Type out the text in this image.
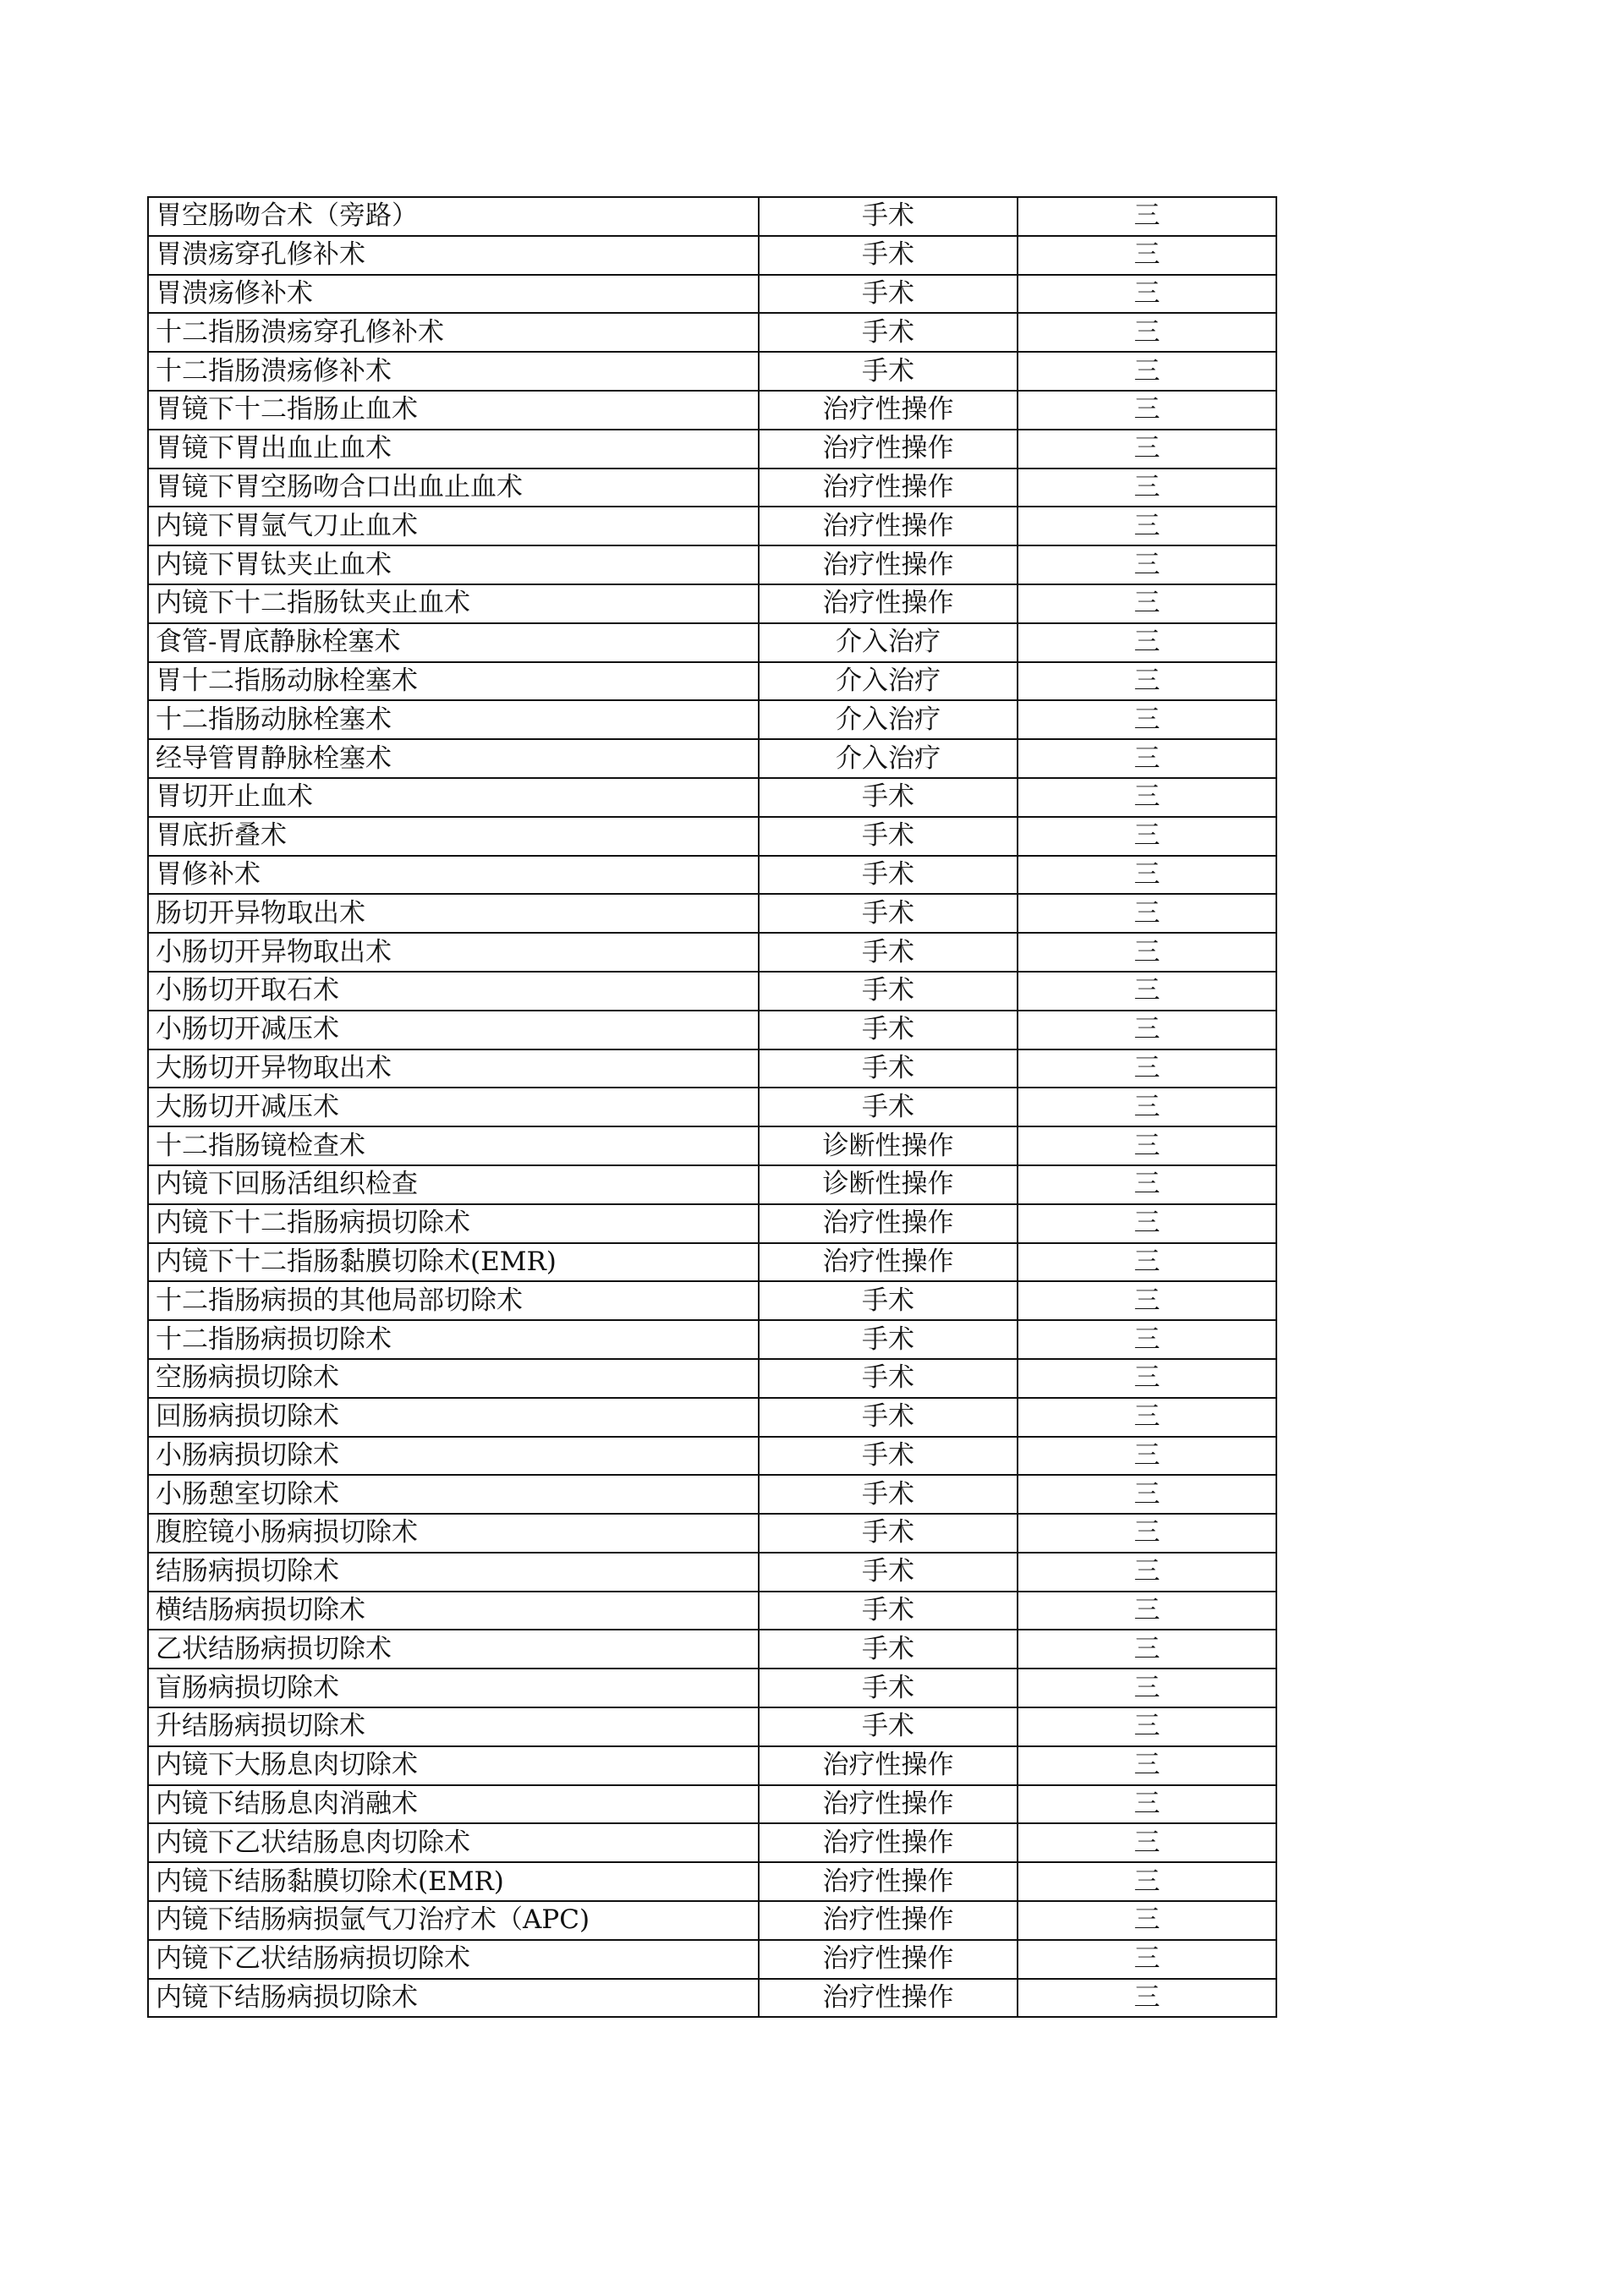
胃空肠吻合术（旁路）	手术	三
胃溃疡穿孔修补术	手术	三
胃溃疡修补术	手术	三
十二指肠溃疡穿孔修补术	手术	三
十二指肠溃疡修补术	手术	三
胃镜下十二指肠止血术	治疗性操作	三
胃镜下胃出血止血术	治疗性操作	三
胃镜下胃空肠吻合口出血止血术	治疗性操作	三
内镜下胃氩气刀止血术	治疗性操作	三
内镜下胃钛夹止血术	治疗性操作	三
内镜下十二指肠钛夹止血术	治疗性操作	三
食管-胃底静脉栓塞术	介入治疗	三
胃十二指肠动脉栓塞术	介入治疗	三
十二指肠动脉栓塞术	介入治疗	三
经导管胃静脉栓塞术	介入治疗	三
胃切开止血术	手术	三
胃底折叠术	手术	三
胃修补术	手术	三
肠切开异物取出术	手术	三
小肠切开异物取出术	手术	三
小肠切开取石术	手术	三
小肠切开减压术	手术	三
大肠切开异物取出术	手术	三
大肠切开减压术	手术	三
十二指肠镜检查术	诊断性操作	三
内镜下回肠活组织检查	诊断性操作	三
内镜下十二指肠病损切除术	治疗性操作	三
内镜下十二指肠黏膜切除术(EMR)	治疗性操作	三
十二指肠病损的其他局部切除术	手术	三
十二指肠病损切除术	手术	三
空肠病损切除术	手术	三
回肠病损切除术	手术	三
小肠病损切除术	手术	三
小肠憩室切除术	手术	三
腹腔镜小肠病损切除术	手术	三
结肠病损切除术	手术	三
横结肠病损切除术	手术	三
乙状结肠病损切除术	手术	三
盲肠病损切除术	手术	三
升结肠病损切除术	手术	三
内镜下大肠息肉切除术	治疗性操作	三
内镜下结肠息肉消融术	治疗性操作	三
内镜下乙状结肠息肉切除术	治疗性操作	三
内镜下结肠黏膜切除术(EMR)	治疗性操作	三
内镜下结肠病损氩气刀治疗术（APC)	治疗性操作	三
内镜下乙状结肠病损切除术	治疗性操作	三
内镜下结肠病损切除术	治疗性操作	三
